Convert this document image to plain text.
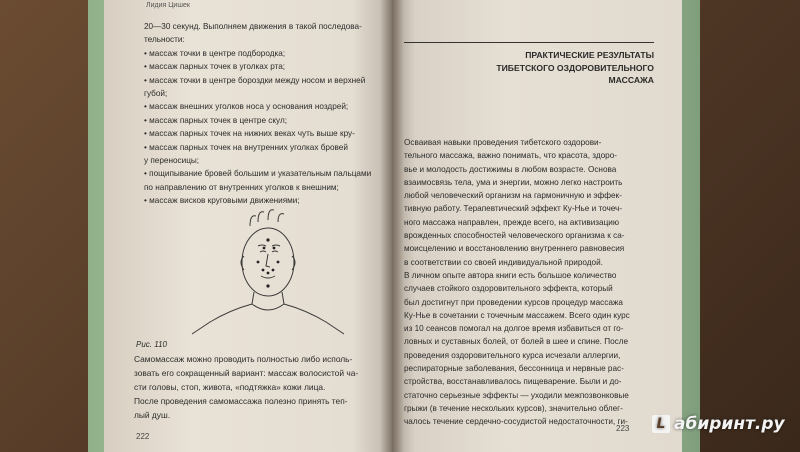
Лидия Цишек
20—30 секунд. Выполняем движения в такой последова-
тельности:
• массаж точки в центре подбородка;
• массаж парных точек в уголках рта;
• массаж точки в центре бороздки между носом и верхней
губой;
• массаж внешних уголков носа у основания ноздрей;
• массаж парных точек в центре скул;
• массаж парных точек на нижних веках чуть выше кру-
• массаж парных точек на внутренних уголках бровей
у переносицы;
• пощипывание бровей большим и указательным пальцами
по направлению от внутренних уголков к внешним;
• массаж висков круговыми движениями;
Рис. 110
Самомассаж можно проводить полностью либо исполь-
зовать его сокращенный вариант: массаж волосистой ча-
сти головы, стоп, живота, «подтяжка» кожи лица.
После проведения самомассажа полезно принять теп-
лый душ.
222
ПРАКТИЧЕСКИЕ РЕЗУЛЬТАТЫ
ТИБЕТСКОГО ОЗДОРОВИТЕЛЬНОГО
МАССАЖА
Осваивая навыки проведения тибетского оздорови-
тельного массажа, важно понимать, что красота, здоро-
вье и молодость достижимы в любом возрасте. Основа
взаимосвязь тела, ума и энергии, можно легко настроить
любой человеческий организм на гармоничную и эффек-
тивную работу. Терапевтический эффект Ку-Нье и точеч-
ного массажа направлен, прежде всего, на активизацию
врожденных способностей человеческого организма к са-
моисцелению и восстановлению внутреннего равновесия
в соответствии со своей индивидуальной природой.
В личном опыте автора книги есть большое количество
случаев стойкого оздоровительного эффекта, который
был достигнут при проведении курсов процедур массажа
Ку-Нье в сочетании с точечным массажем. Всего один курс
из 10 сеансов помогал на долгое время избавиться от го-
ловных и суставных болей, от болей в шее и спине. После
проведения оздоровительного курса исчезали аллергии,
респираторные заболевания, бессонница и нервные рас-
стройства, восстанавливалось пищеварение. Были и до-
статочно серьезные эффекты — уходили межпозвонковые
грыжи (в течение нескольких курсов), значительно облег-
чалось течение сердечно-сосудистой недостаточности, ги-
223	L абиринт.ру
